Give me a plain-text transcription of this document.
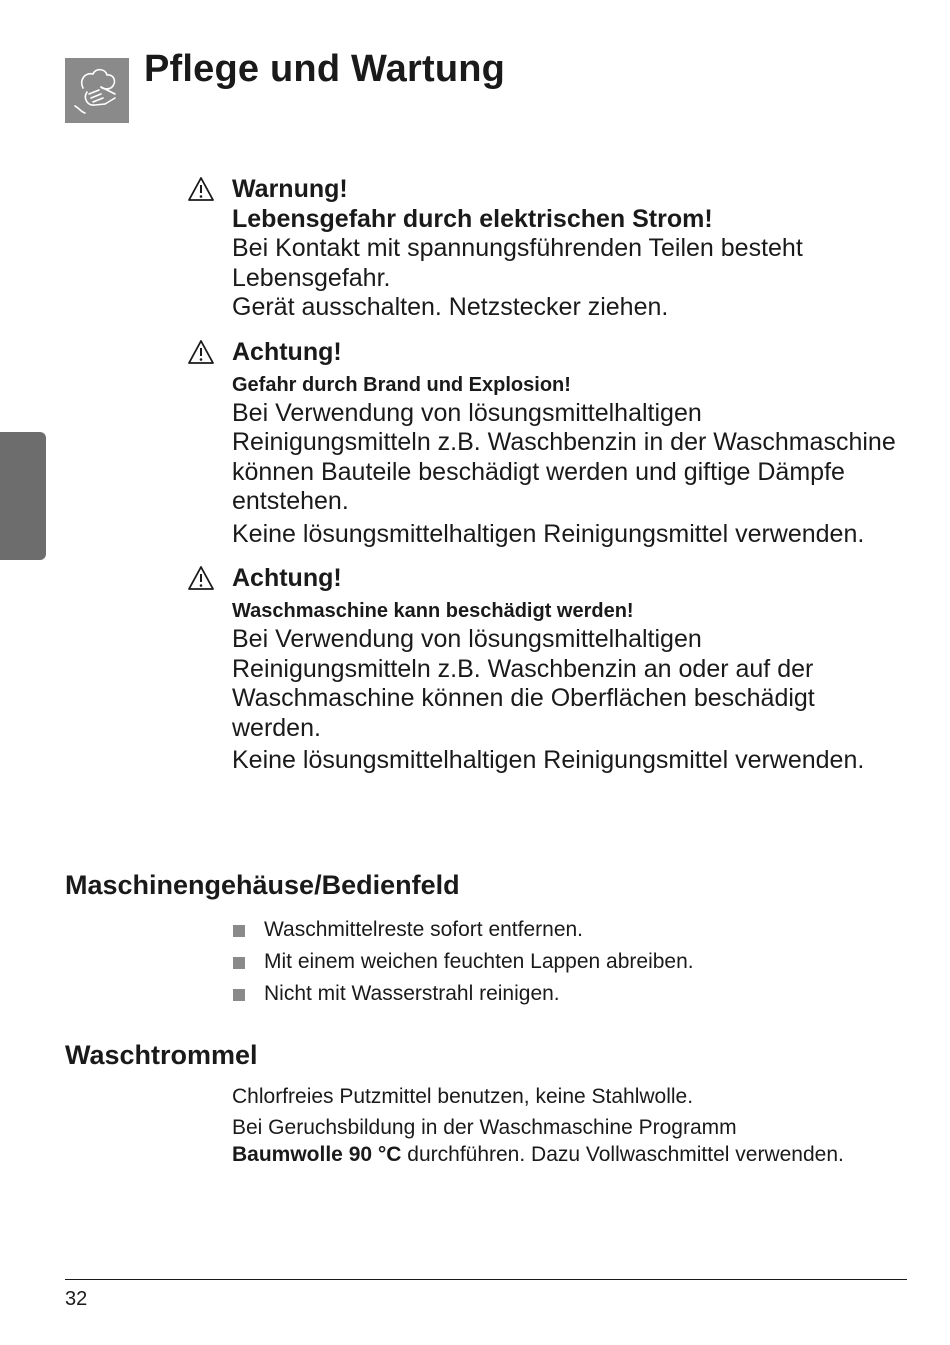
Pflege und Wartung

Warnung!

Lebensgefahr durch elektrischen Strom!

Bei Kontakt mit spannungsführenden Teilen besteht Lebensgefahr.

Gerät ausschalten. Netzstecker ziehen.

Achtung!

Gefahr durch Brand und Explosion!

Bei Verwendung von lösungsmittelhaltigen Reinigungsmitteln z.B. Waschbenzin in der Waschmaschine können Bauteile beschädigt werden und giftige Dämpfe entstehen.

Keine lösungsmittelhaltigen Reinigungsmittel verwenden.

Achtung!

Waschmaschine kann beschädigt werden!

Bei Verwendung von lösungsmittelhaltigen Reinigungsmitteln z.B. Waschbenzin an oder auf der Waschmaschine können die Oberflächen beschädigt werden.

Keine lösungsmittelhaltigen Reinigungsmittel verwenden.

Maschinengehäuse/Bedienfeld
Waschmittelreste sofort entfernen.
Mit einem weichen feuchten Lappen abreiben.
Nicht mit Wasserstrahl reinigen.
Waschtrommel

Chlorfreies Putzmittel benutzen, keine Stahlwolle.

Bei Geruchsbildung in der Waschmaschine Programm
Baumwolle 90 °C durchführen. Dazu Vollwaschmittel verwenden.

32
